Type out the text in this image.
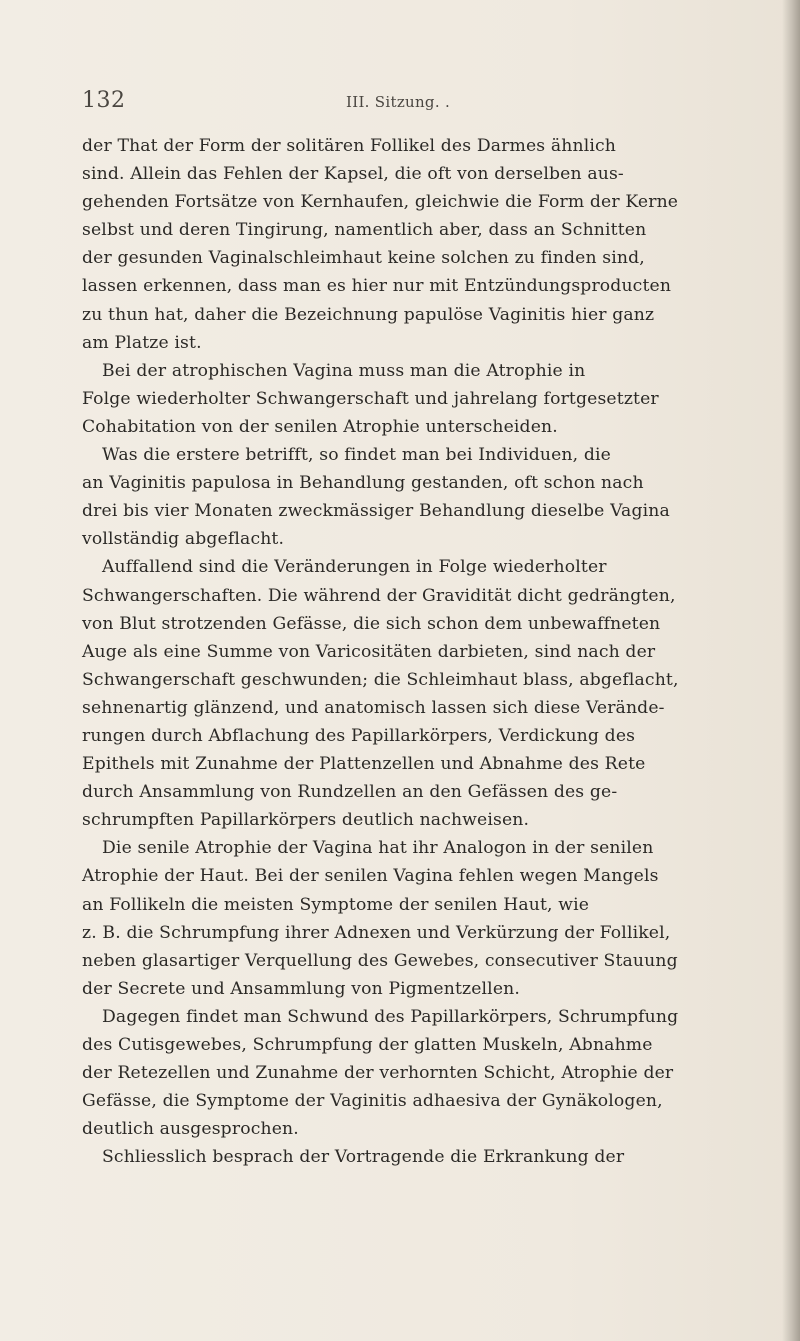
132	III. Sitzung. .
der That der Form der solitären Follikel des Darmes ähnlich
sind. Allein das Fehlen der Kapsel, die oft von derselben aus-
gehenden Fortsätze von Kernhaufen, gleichwie die Form der Kerne
selbst und deren Tingirung, namentlich aber, dass an Schnitten
der gesunden Vaginalschleimhaut keine solchen zu finden sind,
lassen erkennen, dass man es hier nur mit Entzündungsproducten
zu thun hat, daher die Bezeichnung papulöse Vaginitis hier ganz
am Platze ist.
Bei der atrophischen Vagina muss man die Atrophie in
Folge wiederholter Schwangerschaft und jahrelang fortgesetzter
Cohabitation von der senilen Atrophie unterscheiden.
Was die erstere betrifft, so findet man bei Individuen, die
an Vaginitis papulosa in Behandlung gestanden, oft schon nach
drei bis vier Monaten zweckmässiger Behandlung dieselbe Vagina
vollständig abgeflacht.
Auffallend sind die Veränderungen in Folge wiederholter
Schwangerschaften. Die während der Gravidität dicht gedrängten,
von Blut strotzenden Gefässe, die sich schon dem unbewaffneten
Auge als eine Summe von Varicositäten darbieten, sind nach der
Schwangerschaft geschwunden; die Schleimhaut blass, abgeflacht,
sehnenartig glänzend, und anatomisch lassen sich diese Verände-
rungen durch Abflachung des Papillarkörpers, Verdickung des
Epithels mit Zunahme der Plattenzellen und Abnahme des Rete
durch Ansammlung von Rundzellen an den Gefässen des ge-
schrumpften Papillarkörpers deutlich nachweisen.
Die senile Atrophie der Vagina hat ihr Analogon in der senilen
Atrophie der Haut. Bei der senilen Vagina fehlen wegen Mangels
an Follikeln die meisten Symptome der senilen Haut, wie
z. B. die Schrumpfung ihrer Adnexen und Verkürzung der Follikel,
neben glasartiger Verquellung des Gewebes, consecutiver Stauung
der Secrete und Ansammlung von Pigmentzellen.
Dagegen findet man Schwund des Papillarkörpers, Schrumpfung
des Cutisgewebes, Schrumpfung der glatten Muskeln, Abnahme
der Retezellen und Zunahme der verhornten Schicht, Atrophie der
Gefässe, die Symptome der Vaginitis adhaesiva der Gynäkologen,
deutlich ausgesprochen.
Schliesslich besprach der Vortragende die Erkrankung der
